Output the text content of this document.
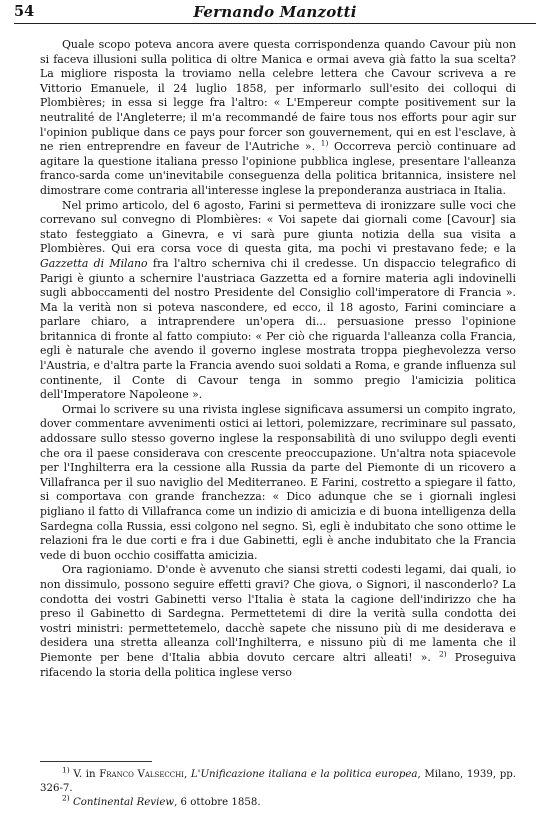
54	Fernando Manzotti

Quale scopo poteva ancora avere questa corrispondenza quando Cavour più non si faceva illusioni sulla politica di oltre Manica e ormai aveva già fatto la sua scelta? La migliore risposta la troviamo nella celebre lettera che Cavour scriveva a re Vittorio Emanuele, il 24 luglio 1858, per informarlo sull'esito dei colloqui di Plombières; in essa si legge fra l'altro: « L'Empereur compte positivement sur la neutralité de l'Angleterre; il m'a recommandé de faire tous nos efforts pour agir sur l'opinion publique dans ce pays pour forcer son gouvernement, qui en est l'esclave, à ne rien entreprendre en faveur de l'Autriche ». $^{1)}$ Occorreva perciò continuare ad agitare la questione italiana presso l'opinione pubblica inglese, presentare l'alleanza franco-sarda come un'inevitabile conseguenza della politica britannica, insistere nel dimostrare come contraria all'interesse inglese la preponderanza austriaca in Italia.

Nel primo articolo, del 6 agosto, Farini si permetteva di ironizzare sulle voci che correvano sul convegno di Plombières: « Voi sapete dai giornali come [Cavour] sia stato festeggiato a Ginevra, e vi sarà pure giunta notizia della sua visita a Plombières. Qui era corsa voce di questa gita, ma pochi vi prestavano fede; e la Gazzetta di Milano fra l'altro scherniva chi il credesse. Un dispaccio telegrafico di Parigi è giunto a schernire l'austriaca Gazzetta ed a fornire materia agli indovinelli sugli abboccamenti del nostro Presidente del Consiglio coll'imperatore di Francia ». Ma la verità non si poteva nascondere, ed ecco, il 18 agosto, Farini cominciare a parlare chiaro, a intraprendere un'opera di... persuasione presso l'opinione britannica di fronte al fatto compiuto: « Per ciò che riguarda l'alleanza colla Francia, egli è naturale che avendo il governo inglese mostrata troppa pieghevolezza verso l'Austria, e d'altra parte la Francia avendo suoi soldati a Roma, e grande influenza sul continente, il Conte di Cavour tenga in sommo pregio l'amicizia politica dell'Imperatore Napoleone ».

Ormai lo scrivere su una rivista inglese significava assumersi un compito ingrato, dover commentare avvenimenti ostici ai lettori, polemizzare, recriminare sul passato, addossare sullo stesso governo inglese la responsabilità di uno sviluppo degli eventi che ora il paese considerava con crescente preoccupazione. Un'altra nota spiacevole per l'Inghilterra era la cessione alla Russia da parte del Piemonte di un ricovero a Villafranca per il suo naviglio del Mediterraneo. E Farini, costretto a spiegare il fatto, si comportava con grande franchezza: « Dico adunque che se i giornali inglesi pigliano il fatto di Villafranca come un indizio di amicizia e di buona intelligenza della Sardegna colla Russia, essi colgono nel segno. Sì, egli è indubitato che sono ottime le relazioni fra le due corti e fra i due Gabinetti, egli è anche indubitato che la Francia vede di buon occhio cosiffatta amicizia.

Ora ragioniamo. D'onde è avvenuto che siansi stretti codesti legami, dai quali, io non dissimulo, possono seguire effetti gravi? Che giova, o Signori, il nasconderlo? La condotta dei vostri Gabinetti verso l'Italia è stata la cagione dell'indirizzo che ha preso il Gabinetto di Sardegna. Permettetemi di dire la verità sulla condotta dei vostri ministri: permettetemelo, dacchè sapete che nissuno più di me desiderava e desidera una stretta alleanza coll'Inghilterra, e nissuno più di me lamenta che il Piemonte per bene d'Italia abbia dovuto cercare altri alleati! ». $^{2)}$ Proseguiva rifacendo la storia della politica inglese verso

$^{1)}$ V. in Franco Valsecchi, L'Unificazione italiana e la politica europea, Milano, 1939, pp. 326-7.

$^{2)}$ Continental Review, 6 ottobre 1858.
